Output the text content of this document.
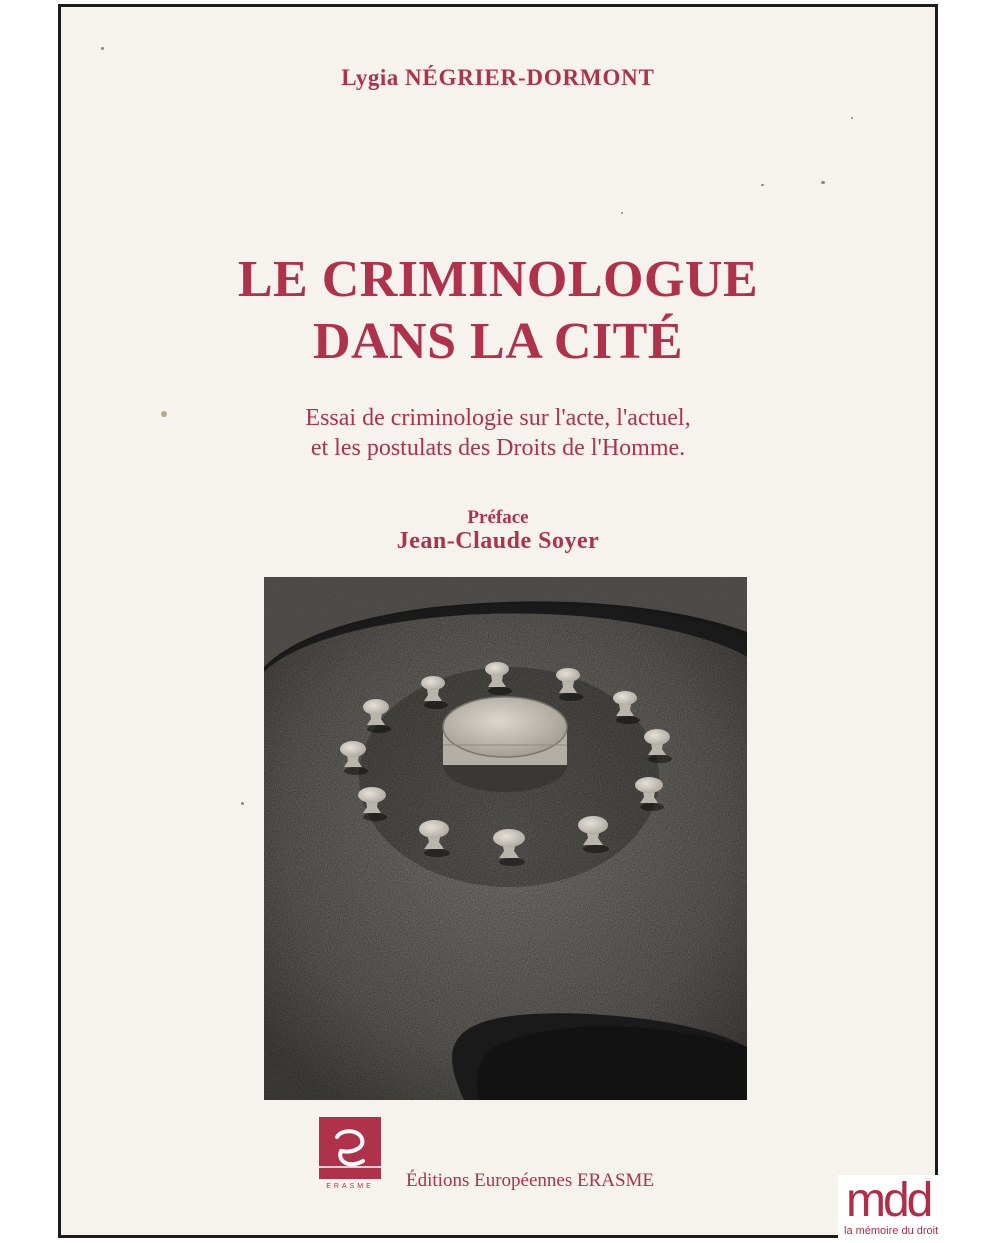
Lygia NÉGRIER-DORMONT
LE CRIMINOLOGUE
DANS LA CITÉ
Essai de criminologie sur l'acte, l'actuel,
et les postulats des Droits de l'Homme.
Préface
Jean-Claude Soyer
ERASME	Éditions Européennes ERASME	mdd
la mémoire du droit
